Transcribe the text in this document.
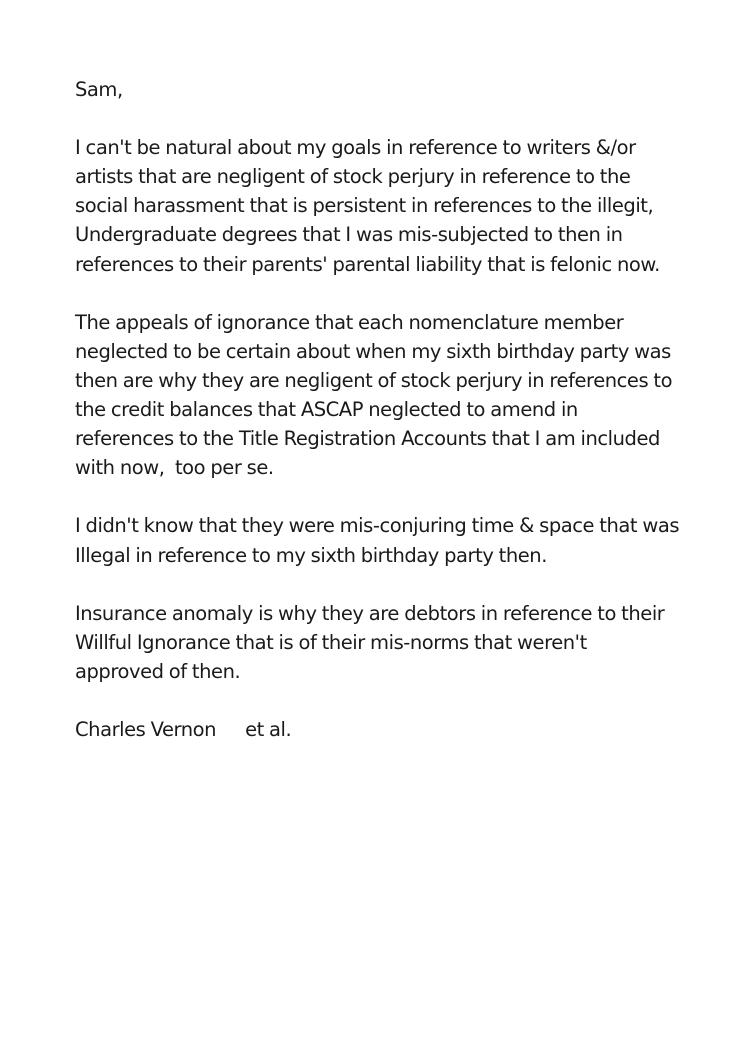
Sam,
I can't be natural about my goals in reference to writers &/or
artists that are negligent of stock perjury in reference to the
social harassment that is persistent in references to the illegit,
Undergraduate degrees that I was mis-subjected to then in
references to their parents' parental liability that is felonic now.
The appeals of ignorance that each nomenclature member
neglected to be certain about when my sixth birthday party was
then are why they are negligent of stock perjury in references to
the credit balances that ASCAP neglected to amend in
references to the Title Registration Accounts that I am included
with now,  too per se.
I didn't know that they were mis-conjuring time & space that was
Illegal in reference to my sixth birthday party then.
Insurance anomaly is why they are debtors in reference to their
Willful Ignorance that is of their mis-norms that weren't
approved of then.
Charles Vernon et al.
